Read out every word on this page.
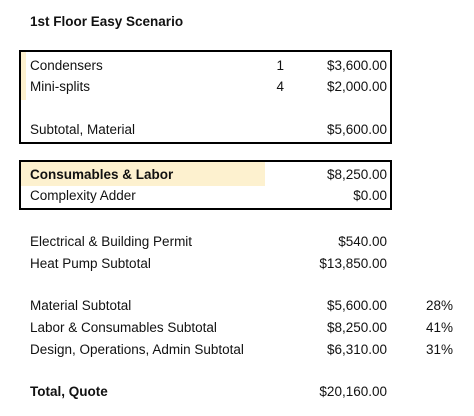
1st Floor Easy Scenario
Condensers	1	$3,600.00
Mini-splits	4	$2,000.00
Subtotal, Material	$5,600.00
Consumables & Labor	$8,250.00
Complexity Adder	$0.00
Electrical & Building Permit	$540.00
Heat Pump Subtotal	$13,850.00
Material Subtotal	$5,600.00	28%
Labor & Consumables Subtotal	$8,250.00	41%
Design, Operations, Admin Subtotal	$6,310.00	31%
Total, Quote	$20,160.00
